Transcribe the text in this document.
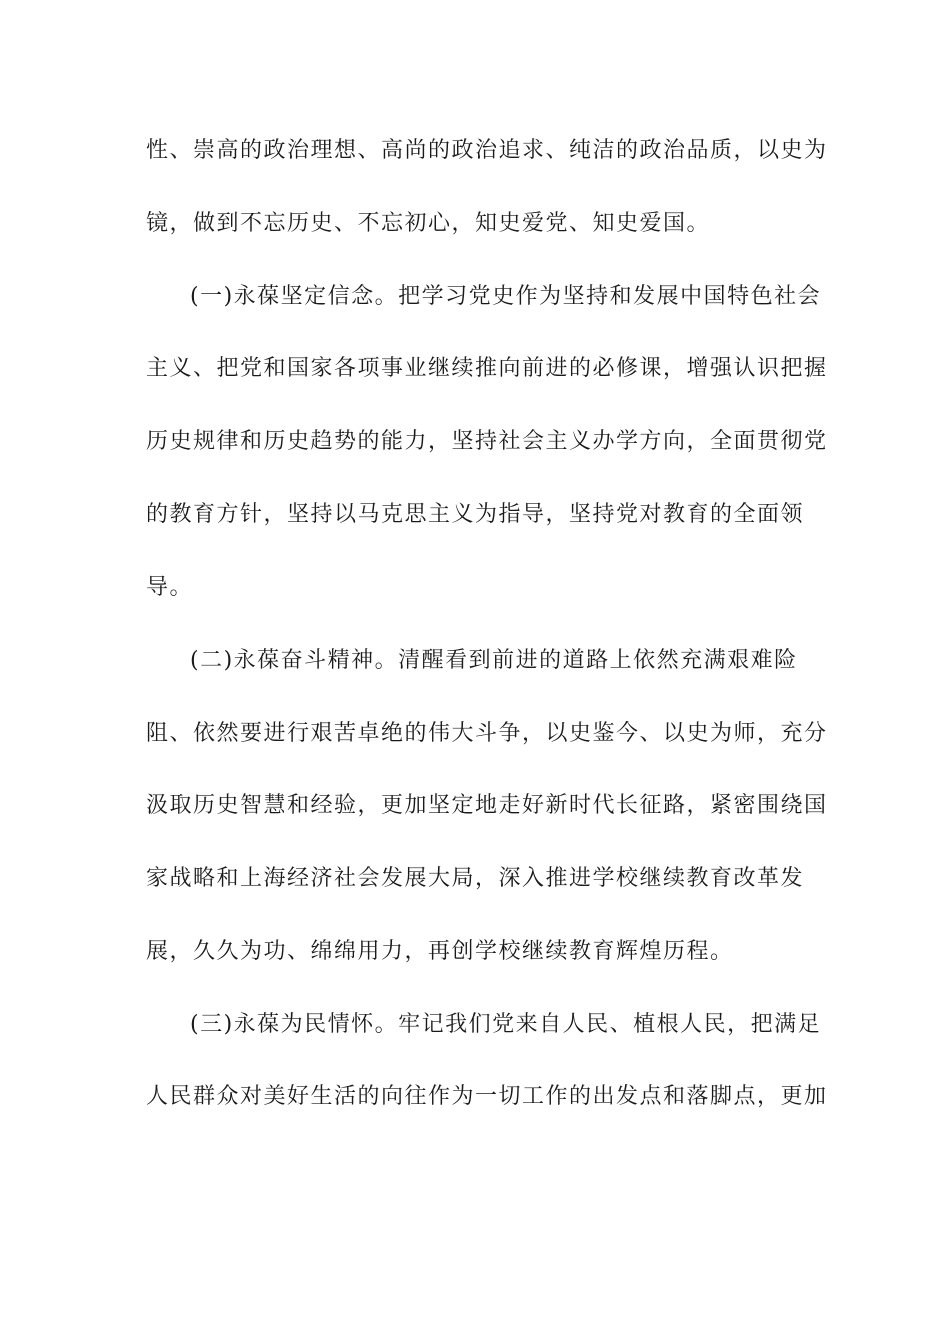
性、崇高的政治理想、高尚的政治追求、纯洁的政治品质，以史为
镜，做到不忘历史、不忘初心，知史爱党、知史爱国。
(一)永葆坚定信念。把学习党史作为坚持和发展中国特色社会
主义、把党和国家各项事业继续推向前进的必修课，增强认识把握
历史规律和历史趋势的能力，坚持社会主义办学方向，全面贯彻党
的教育方针，坚持以马克思主义为指导，坚持党对教育的全面领
导。
(二)永葆奋斗精神。清醒看到前进的道路上依然充满艰难险
阻、依然要进行艰苦卓绝的伟大斗争，以史鉴今、以史为师，充分
汲取历史智慧和经验，更加坚定地走好新时代长征路，紧密围绕国
家战略和上海经济社会发展大局，深入推进学校继续教育改革发
展，久久为功、绵绵用力，再创学校继续教育辉煌历程。
(三)永葆为民情怀。牢记我们党来自人民、植根人民，把满足
人民群众对美好生活的向往作为一切工作的出发点和落脚点，更加
